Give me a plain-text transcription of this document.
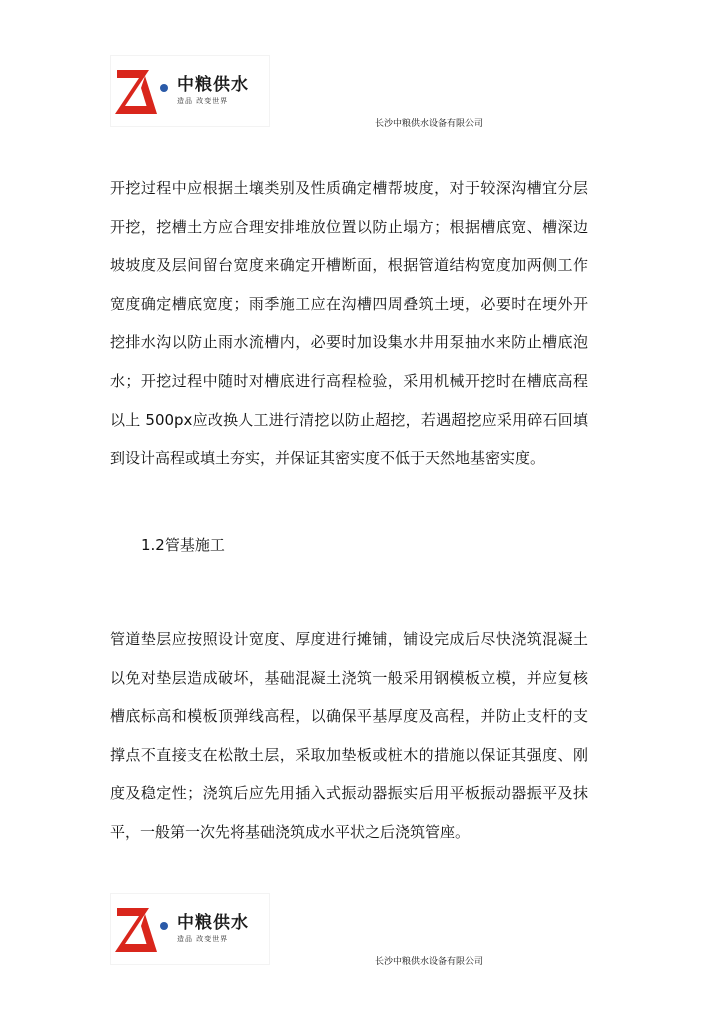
中粮供水
造品 改变世界
长沙中粮供水设备有限公司

开挖过程中应根据土壤类别及性质确定槽帮坡度，对于较深沟槽宜分层开挖，挖槽土方应合理安排堆放位置以防止塌方；根据槽底宽、槽深边坡坡度及层间留台宽度来确定开槽断面，根据管道结构宽度加两侧工作宽度确定槽底宽度；雨季施工应在沟槽四周叠筑土埂，必要时在埂外开挖排水沟以防止雨水流槽内，必要时加设集水井用泵抽水来防止槽底泡水；开挖过程中随时对槽底进行高程检验，采用机械开挖时在槽底高程以上 500px应改换人工进行清挖以防止超挖，若遇超挖应采用碎石回填到设计高程或填土夯实，并保证其密实度不低于天然地基密实度。

1.2管基施工

管道垫层应按照设计宽度、厚度进行摊铺，铺设完成后尽快浇筑混凝土以免对垫层造成破坏，基础混凝土浇筑一般采用钢模板立模，并应复核槽底标高和模板顶弹线高程，以确保平基厚度及高程，并防止支杆的支撑点不直接支在松散土层，采取加垫板或桩木的措施以保证其强度、刚度及稳定性；浇筑后应先用插入式振动器振实后用平板振动器振平及抹平，一般第一次先将基础浇筑成水平状之后浇筑管座。

中粮供水
造品 改变世界
长沙中粮供水设备有限公司
